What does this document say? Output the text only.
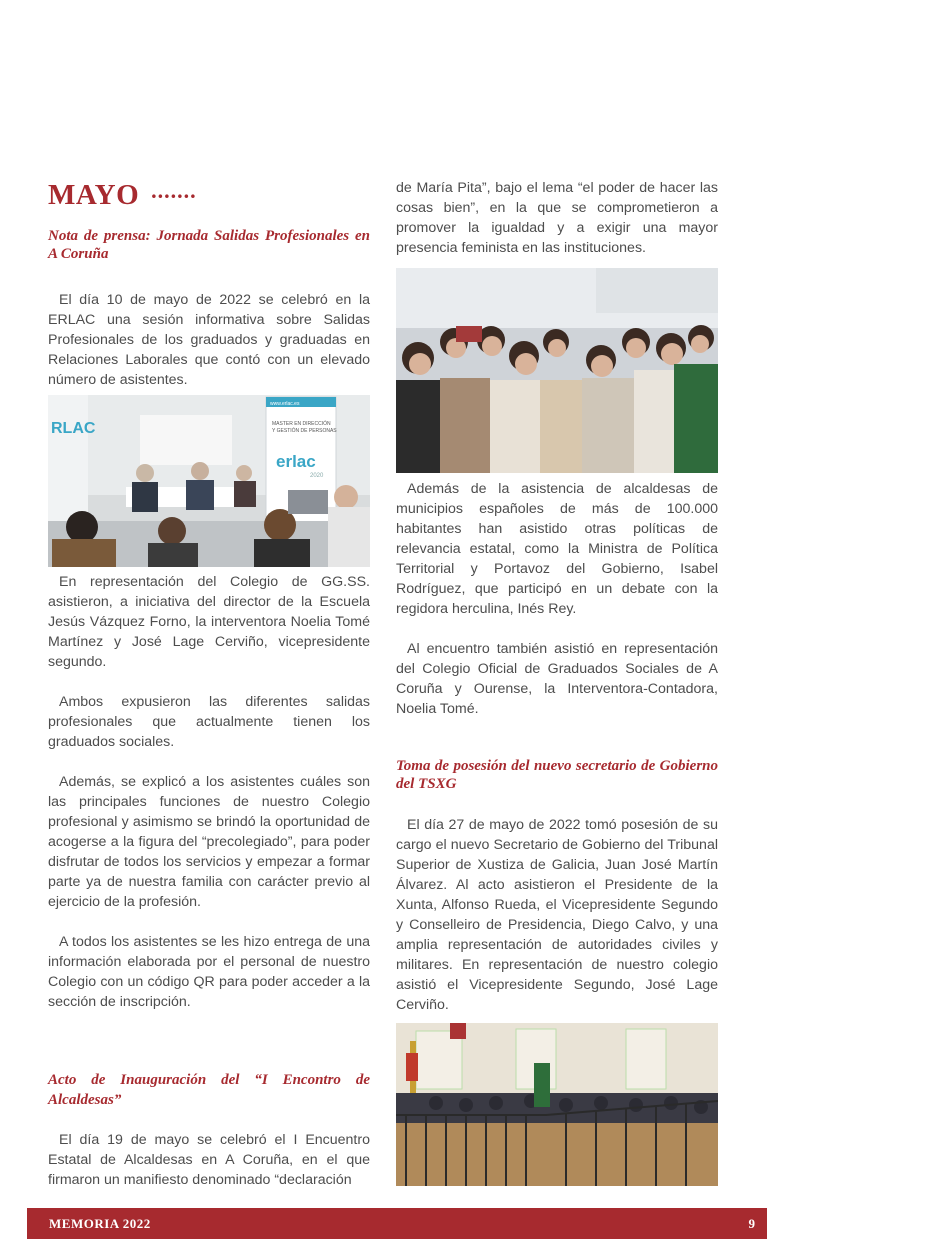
MAYO .......
Nota de prensa: Jornada Salidas Profesionales en A Coruña

El día 10 de mayo de 2022 se celebró en la ERLAC una sesión informativa sobre Salidas Profesionales de los graduados y graduadas en Relaciones Laborales que contó con un elevado número de asistentes.

RLAC
www.erlac.es
MASTER EN DIRECCIÓN
Y GESTIÓN DE PERSONAS
erlac
2020

En representación del Colegio de GG.SS. asistieron, a iniciativa del director de la Escuela Jesús Vázquez Forno, la interventora Noelia Tomé Martínez y José Lage Cerviño, vicepresidente segundo.

Ambos expusieron las diferentes salidas profesionales que actualmente tienen los graduados sociales.

Además, se explicó a los asistentes cuáles son las principales funciones de nuestro Colegio profesional y asimismo se brindó la oportunidad de acogerse a la figura del “precolegiado”, para poder disfrutar de todos los servicios y empezar a formar parte ya de nuestra familia con carácter previo al ejercicio de la profesión.

A todos los asistentes se les hizo entrega de una información elaborada por el personal de nuestro Colegio con un código QR para poder acceder a la sección de inscripción.

Acto de Inauguración del “I Encontro de Alcaldesas”

El día 19 de mayo se celebró el I Encuentro Estatal de Alcaldesas en A Coruña, en el que firmaron un manifiesto denominado “declaración

de María Pita”, bajo el lema “el poder de hacer las cosas bien”, en la que se comprometieron a promover la igualdad y a exigir una mayor presencia feminista en las instituciones.

Además de la asistencia de alcaldesas de municipios españoles de más de 100.000 habitantes han asistido otras políticas de relevancia estatal, como la Ministra de Política Territorial y Portavoz del Gobierno, Isabel Rodríguez, que participó en un debate con la regidora herculina, Inés Rey.

Al encuentro también asistió en representación del Colegio Oficial de Graduados Sociales de A Coruña y Ourense, la Interventora-Contadora, Noelia Tomé.

Toma de posesión del nuevo secretario de Gobierno del TSXG

El día 27 de mayo de 2022 tomó posesión de su cargo el nuevo Secretario de Gobierno del Tribunal Superior de Xustiza de Galicia, Juan José Martín Álvarez. Al acto asistieron el Presidente de la Xunta, Alfonso Rueda, el Vicepresidente Segundo y Conselleiro de Presidencia, Diego Calvo, y una amplia representación de autoridades civiles y militares. En representación de nuestro colegio asistió el Vicepresidente Segundo, José Lage Cerviño.

MEMORIA 2022	9
